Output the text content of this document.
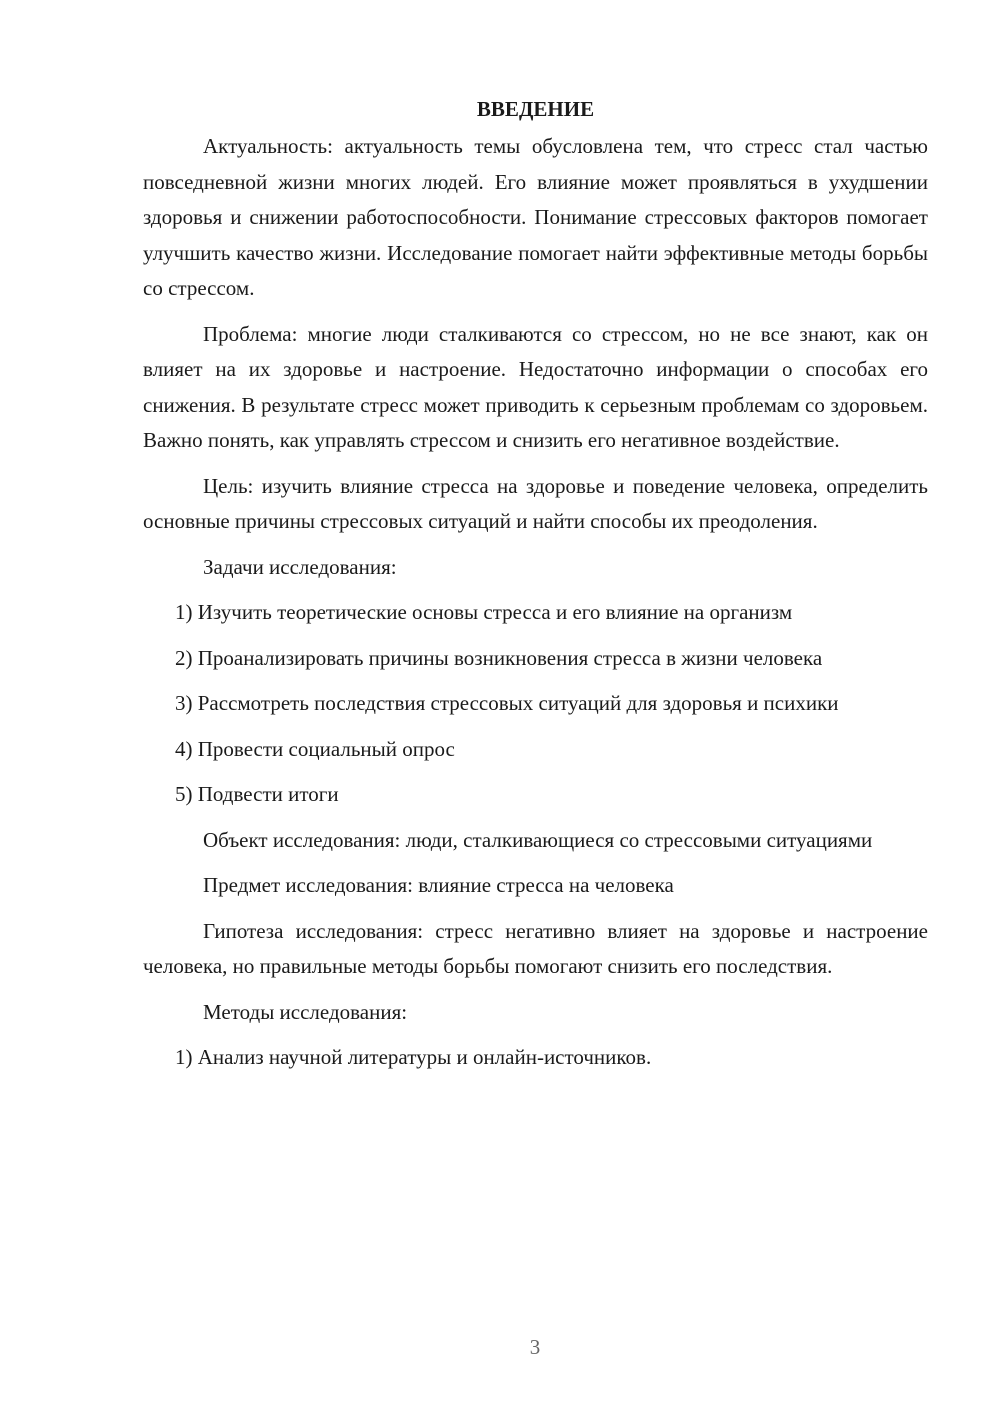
ВВЕДЕНИЕ

Актуальность: актуальность темы обусловлена тем, что стресс стал частью повседневной жизни многих людей. Его влияние может проявляться в ухудшении здоровья и снижении работоспособности. Понимание стрессовых факторов помогает улучшить качество жизни. Исследование помогает найти эффективные методы борьбы со стрессом.

Проблема: многие люди сталкиваются со стрессом, но не все знают, как он влияет на их здоровье и настроение. Недостаточно информации о способах его снижения. В результате стресс может приводить к серьезным проблемам со здоровьем. Важно понять, как управлять стрессом и снизить его негативное воздействие.

Цель: изучить влияние стресса на здоровье и поведение человека, определить основные причины стрессовых ситуаций и найти способы их преодоления.

Задачи исследования:

1) Изучить теоретические основы стресса и его влияние на организм

2) Проанализировать причины возникновения стресса в жизни человека

3) Рассмотреть последствия стрессовых ситуаций для здоровья и психики

4) Провести социальный опрос

5) Подвести итоги

Объект исследования: люди, сталкивающиеся со стрессовыми ситуациями

Предмет исследования: влияние стресса на человека

Гипотеза исследования: стресс негативно влияет на здоровье и настроение человека, но правильные методы борьбы помогают снизить его последствия.

Методы исследования:

1) Анализ научной литературы и онлайн-источников.

3
